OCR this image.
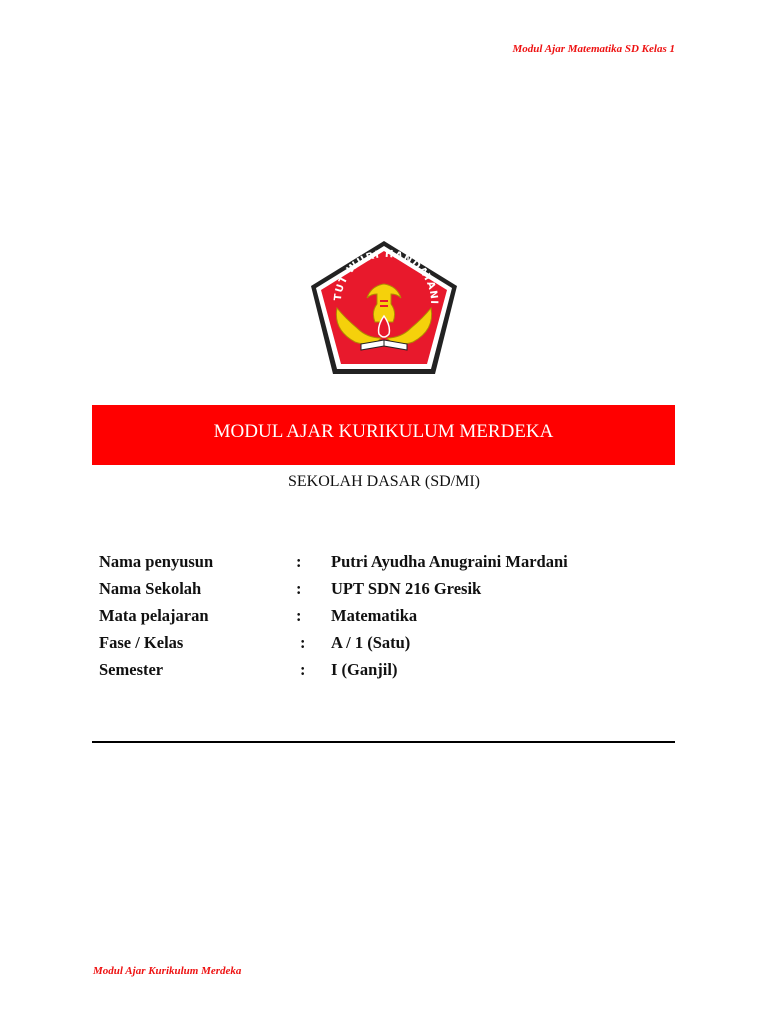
Modul Ajar Matematika SD Kelas 1
TUT WURI HANDAYANI
MODUL AJAR KURIKULUM MERDEKA
SEKOLAH DASAR (SD/MI)
Nama penyusun	: Putri Ayudha Anugraini Mardani
Nama Sekolah	: UPT SDN 216 Gresik
Mata pelajaran	: Matematika
Fase / Kelas	: A / 1 (Satu)
Semester	: I (Ganjil)
Modul Ajar Kurikulum Merdeka
